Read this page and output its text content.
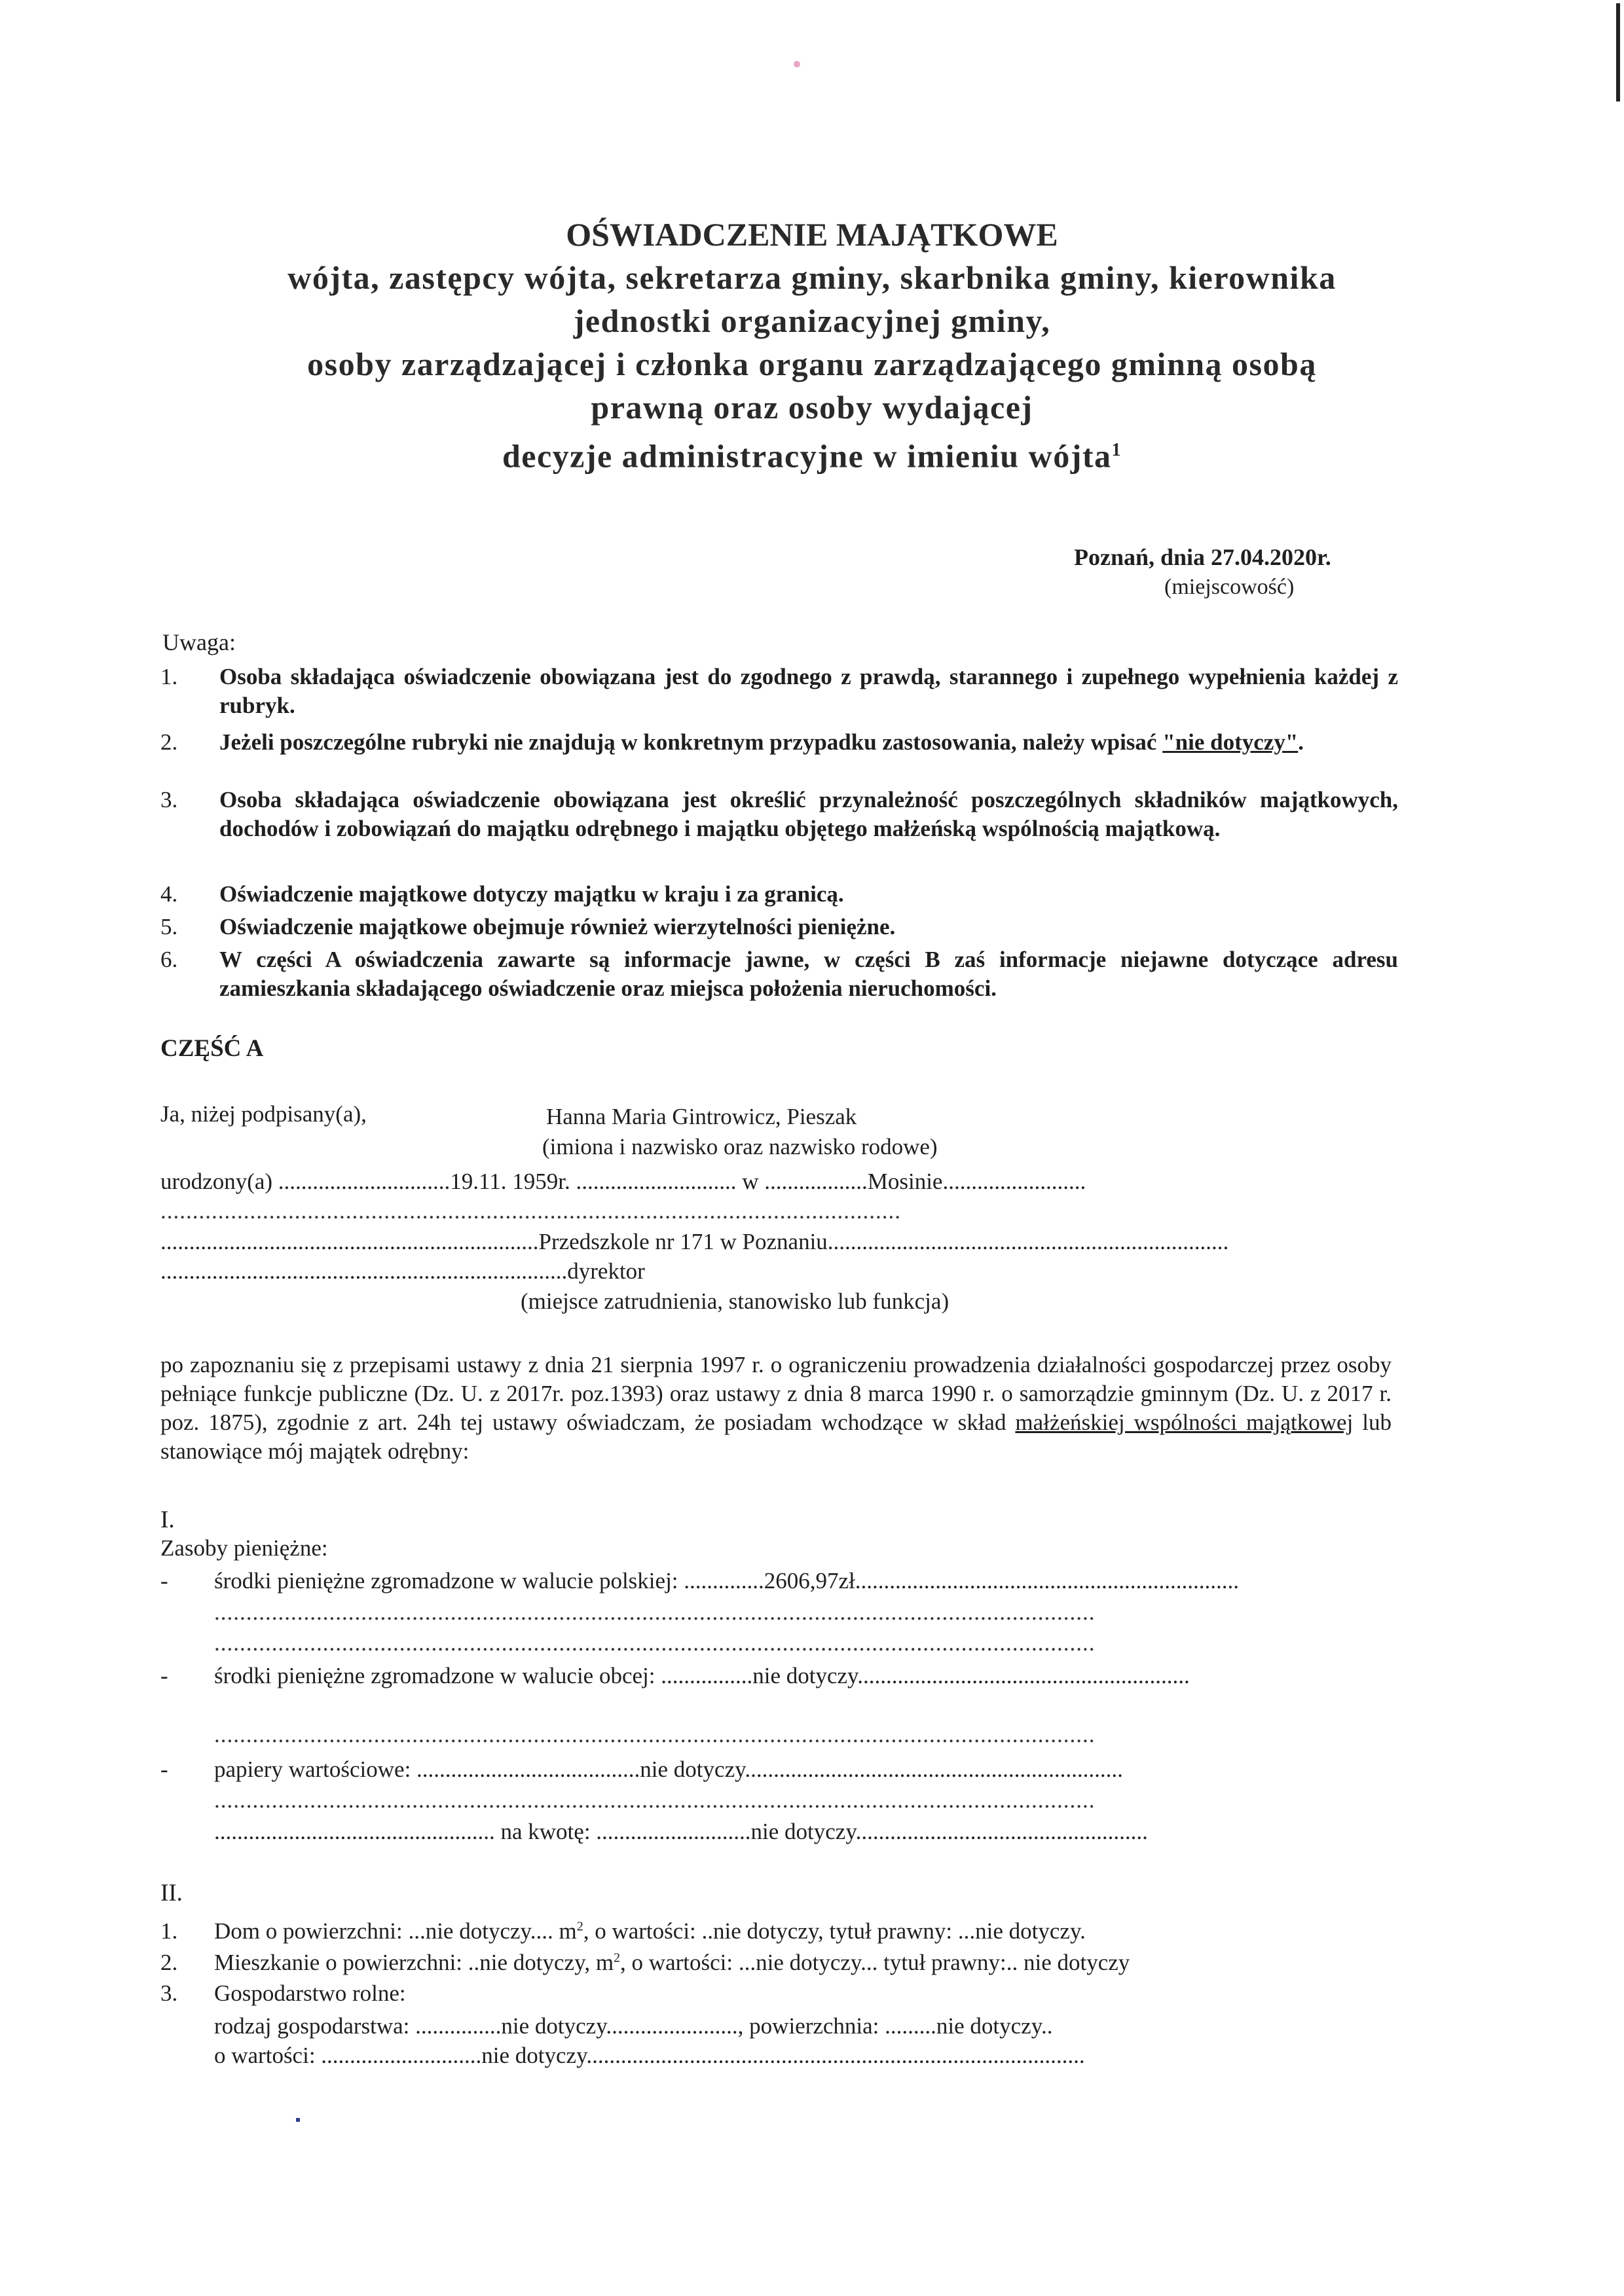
OŚWIADCZENIE MAJĄTKOWE
wójta, zastępcy wójta, sekretarza gminy, skarbnika gminy, kierownika
jednostki organizacyjnej gminy,
osoby zarządzającej i członka organu zarządzającego gminną osobą
prawną oraz osoby wydającej
decyzje administracyjne w imieniu wójta$^1$
Poznań, dnia 27.04.2020r.
(miejscowość)
Uwaga:
1.	Osoba składająca oświadczenie obowiązana jest do zgodnego z prawdą, starannego i zupełnego wypełnienia każdej z rubryk.
2.	Jeżeli poszczególne rubryki nie znajdują w konkretnym przypadku zastosowania, należy wpisać "nie dotyczy".
3.	Osoba składająca oświadczenie obowiązana jest określić przynależność poszczególnych składników majątkowych, dochodów i zobowiązań do majątku odrębnego i majątku objętego małżeńską wspólnością majątkową.
4.	Oświadczenie majątkowe dotyczy majątku w kraju i za granicą.
5.	Oświadczenie majątkowe obejmuje również wierzytelności pieniężne.
6.	W części A oświadczenia zawarte są informacje jawne, w części B zaś informacje niejawne dotyczące adresu zamieszkania składającego oświadczenie oraz miejsca położenia nieruchomości.
CZĘŚĆ A
Ja, niżej podpisany(a),	Hanna Maria Gintrowicz, Pieszak
(imiona i nazwisko oraz nazwisko rodowe)
urodzony(a) ..............................19.11. 1959r. ............................ w ..................Mosinie.........................
....................................................................................................................
..................................................................Przedszkole nr 171 w Poznaniu......................................................................
.......................................................................dyrektor
(miejsce zatrudnienia, stanowisko lub funkcja)
po zapoznaniu się z przepisami ustawy z dnia 21 sierpnia 1997 r. o ograniczeniu prowadzenia działalności gospodarczej przez osoby pełniące funkcje publiczne (Dz. U. z 2017r. poz.1393) oraz ustawy z dnia 8 marca 1990 r. o samorządzie gminnym (Dz. U. z 2017 r. poz. 1875), zgodnie z art. 24h tej ustawy oświadczam, że posiadam wchodzące w skład małżeńskiej wspólności majątkowej lub stanowiące mój majątek odrębny:
I.
Zasoby pieniężne:
- środki pieniężne zgromadzone w walucie polskiej: ..............2606,97zł...................................................................
..........................................................................................................................................
..........................................................................................................................................
- środki pieniężne zgromadzone w walucie obcej: ................nie dotyczy..........................................................
..........................................................................................................................................
- papiery wartościowe: .......................................nie dotyczy..................................................................
..........................................................................................................................................
................................................. na kwotę: ...........................nie dotyczy...................................................
II.
1. Dom o powierzchni: ...nie dotyczy.... $m^2$, o wartości: ..nie dotyczy, tytuł prawny: ...nie dotyczy.
2. Mieszkanie o powierzchni: ..nie dotyczy, $m^2$, o wartości: ...nie dotyczy... tytuł prawny:.. nie dotyczy
3. Gospodarstwo rolne:
rodzaj gospodarstwa: ...............nie dotyczy......................., powierzchnia: .........nie dotyczy..
o wartości: ............................nie dotyczy.......................................................................................
